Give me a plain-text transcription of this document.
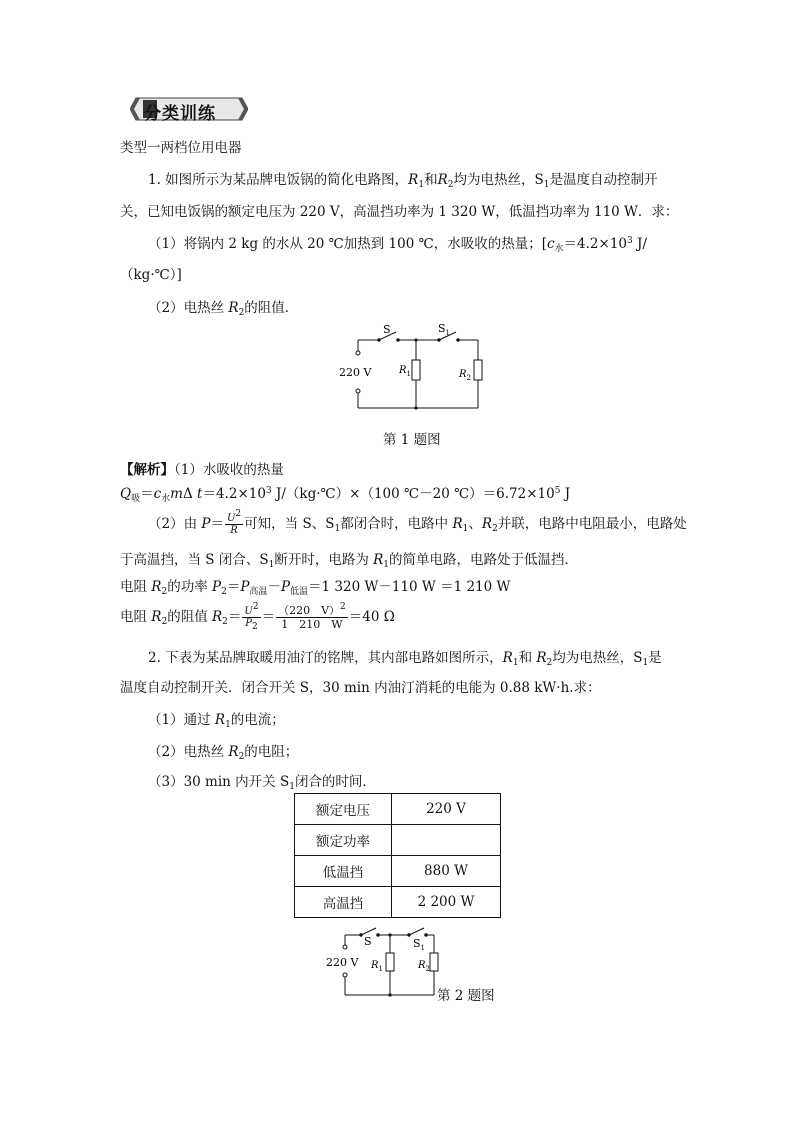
分类训练
类型一两档位用电器
1. 如图所示为某品牌电饭锅的简化电路图，$R_1$和$R_2$均为电热丝，$S_1$是温度自动控制开
关，已知电饭锅的额定电压为 220 V，高温挡功率为 1 320 W，低温挡功率为 110 W．求：
（1）将锅内 2 kg 的水从 20 ℃加热到 100 ℃，水吸收的热量；[$c_水=4.2\times 10^3$ J/
（kg·℃）]
（2）电热丝 $R_2$的阻值．
S	$S_1$
220 V	$R_1$	$R_2$
第 1 题图
【解析】（1）水吸收的热量
$Q_吸=c_水m\Delta$ $t=4.2\times 10^3$ J/（kg·℃）×（100 ℃－20 $℃)=6.72\times 10^5$ J
（2）由 $P= \frac{U^2}{R}$ 可知，当 S、$S_1$都闭合时，电路中 $R_1$、$R_2$并联，电路中电阻最小，电路处
于高温挡，当 S 闭合、$S_1$断开时，电路为 $R_1$的简单电路，电路处于低温挡．
电阻 $R_2$的功率 $P_2=P_{高温}-P_{低温}=1$ 320 W－110 W ＝1 210 W
电阻 $R_2$的阻值 $R_2= \frac{U^2}{P_2} = \frac{(220 V)^2}{1 210 W} =40$ Ω
2. 下表为某品牌取暖用油汀的铭牌，其内部电路如图所示，$R_1$和 $R_2$均为电热丝，$S_1$是
温度自动控制开关．闭合开关 S，30 min 内油汀消耗的电能为 0.88 kW·h.求：
（1）通过 $R_1$的电流；
（2）电热丝 $R_2$的电阻；
（3）30 min 内开关 $S_1$闭合的时间．
额定电压	220 V
额定功率	
低温挡	880 W
高温挡	2 200 W
S	$S_1$
220 V $R_1$	$R_2$
第 2 题图
